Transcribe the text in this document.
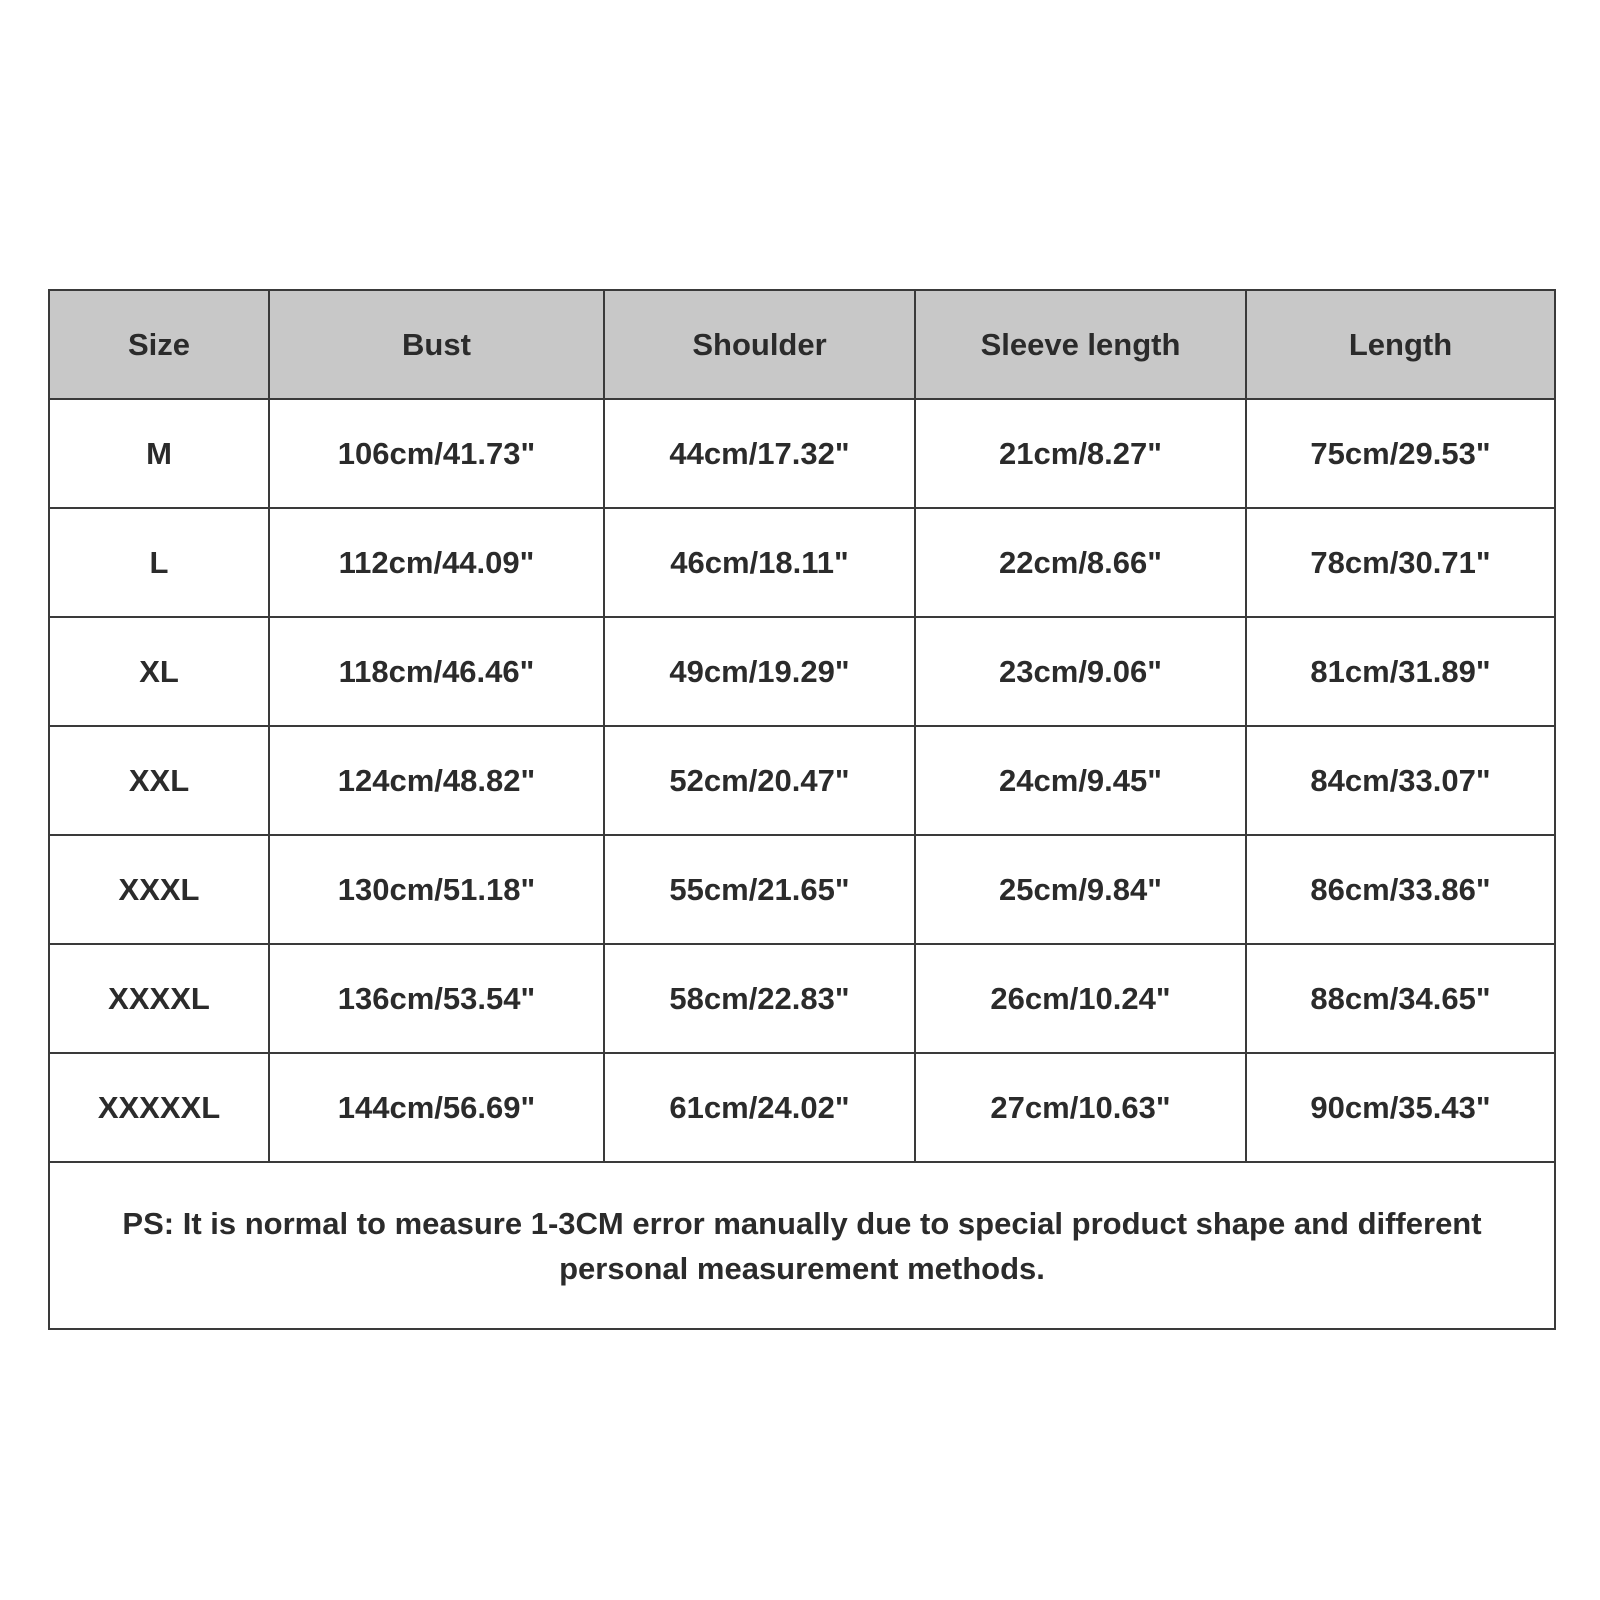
Size	Bust	Shoulder	Sleeve length	Length
M	106cm/41.73"	44cm/17.32"	21cm/8.27"	75cm/29.53"
L	112cm/44.09"	46cm/18.11"	22cm/8.66"	78cm/30.71"
XL	118cm/46.46"	49cm/19.29"	23cm/9.06"	81cm/31.89"
XXL	124cm/48.82"	52cm/20.47"	24cm/9.45"	84cm/33.07"
XXXL	130cm/51.18"	55cm/21.65"	25cm/9.84"	86cm/33.86"
XXXXL	136cm/53.54"	58cm/22.83"	26cm/10.24"	88cm/34.65"
XXXXXL	144cm/56.69"	61cm/24.02"	27cm/10.63"	90cm/35.43"
PS: It is normal to measure 1-3CM error manually due to special product shape and different personal measurement methods.				
